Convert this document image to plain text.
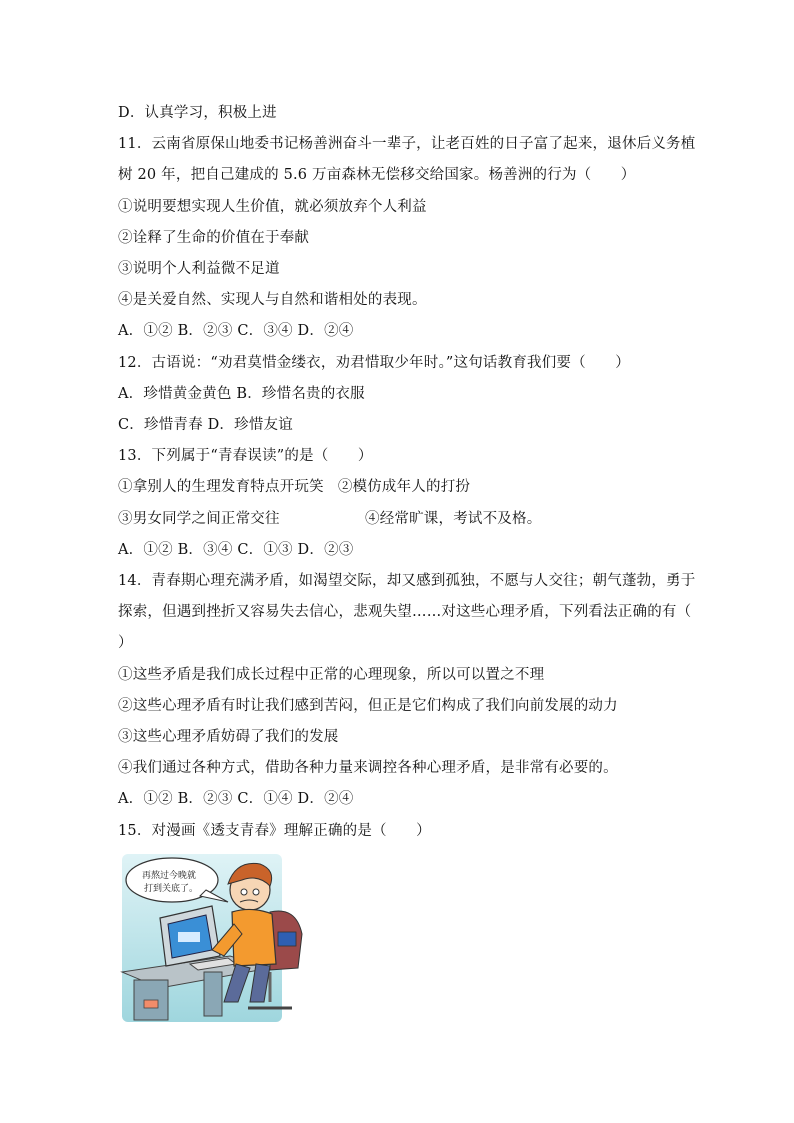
D．认真学习，积极上进
11．云南省原保山地委书记杨善洲奋斗一辈子，让老百姓的日子富了起来，退休后义务植
树 20 年，把自己建成的 5.6 万亩森林无偿移交给国家。杨善洲的行为（　　）
①说明要想实现人生价值，就必须放弃个人利益
②诠释了生命的价值在于奉献
③说明个人利益微不足道
④是关爱自然、实现人与自然和谐相处的表现。
A．①② B．②③ C．③④ D．②④
12．古语说：“劝君莫惜金缕衣，劝君惜取少年时。”这句话教育我们要（　　）
A．珍惜黄金黄色 B．珍惜名贵的衣服
C．珍惜青春 D．珍惜友谊
13．下列属于“青春误读”的是（　　）
①拿别人的生理发育特点开玩笑 ②模仿成年人的打扮
③男女同学之间正常交往	④经常旷课，考试不及格。
A．①② B．③④ C．①③ D．②③
14．青春期心理充满矛盾，如渴望交际，却又感到孤独，不愿与人交往；朝气蓬勃，勇于
探索，但遇到挫折又容易失去信心，悲观失望……对这些心理矛盾，下列看法正确的有（
）
①这些矛盾是我们成长过程中正常的心理现象，所以可以置之不理
②这些心理矛盾有时让我们感到苦闷，但正是它们构成了我们向前发展的动力
③这些心理矛盾妨碍了我们的发展
④我们通过各种方式，借助各种力量来调控各种心理矛盾，是非常有必要的。
A．①② B．②③ C．①④ D．②④
15．对漫画《透支青春》理解正确的是（　　）
再熬过今晚就
打到关底了。
